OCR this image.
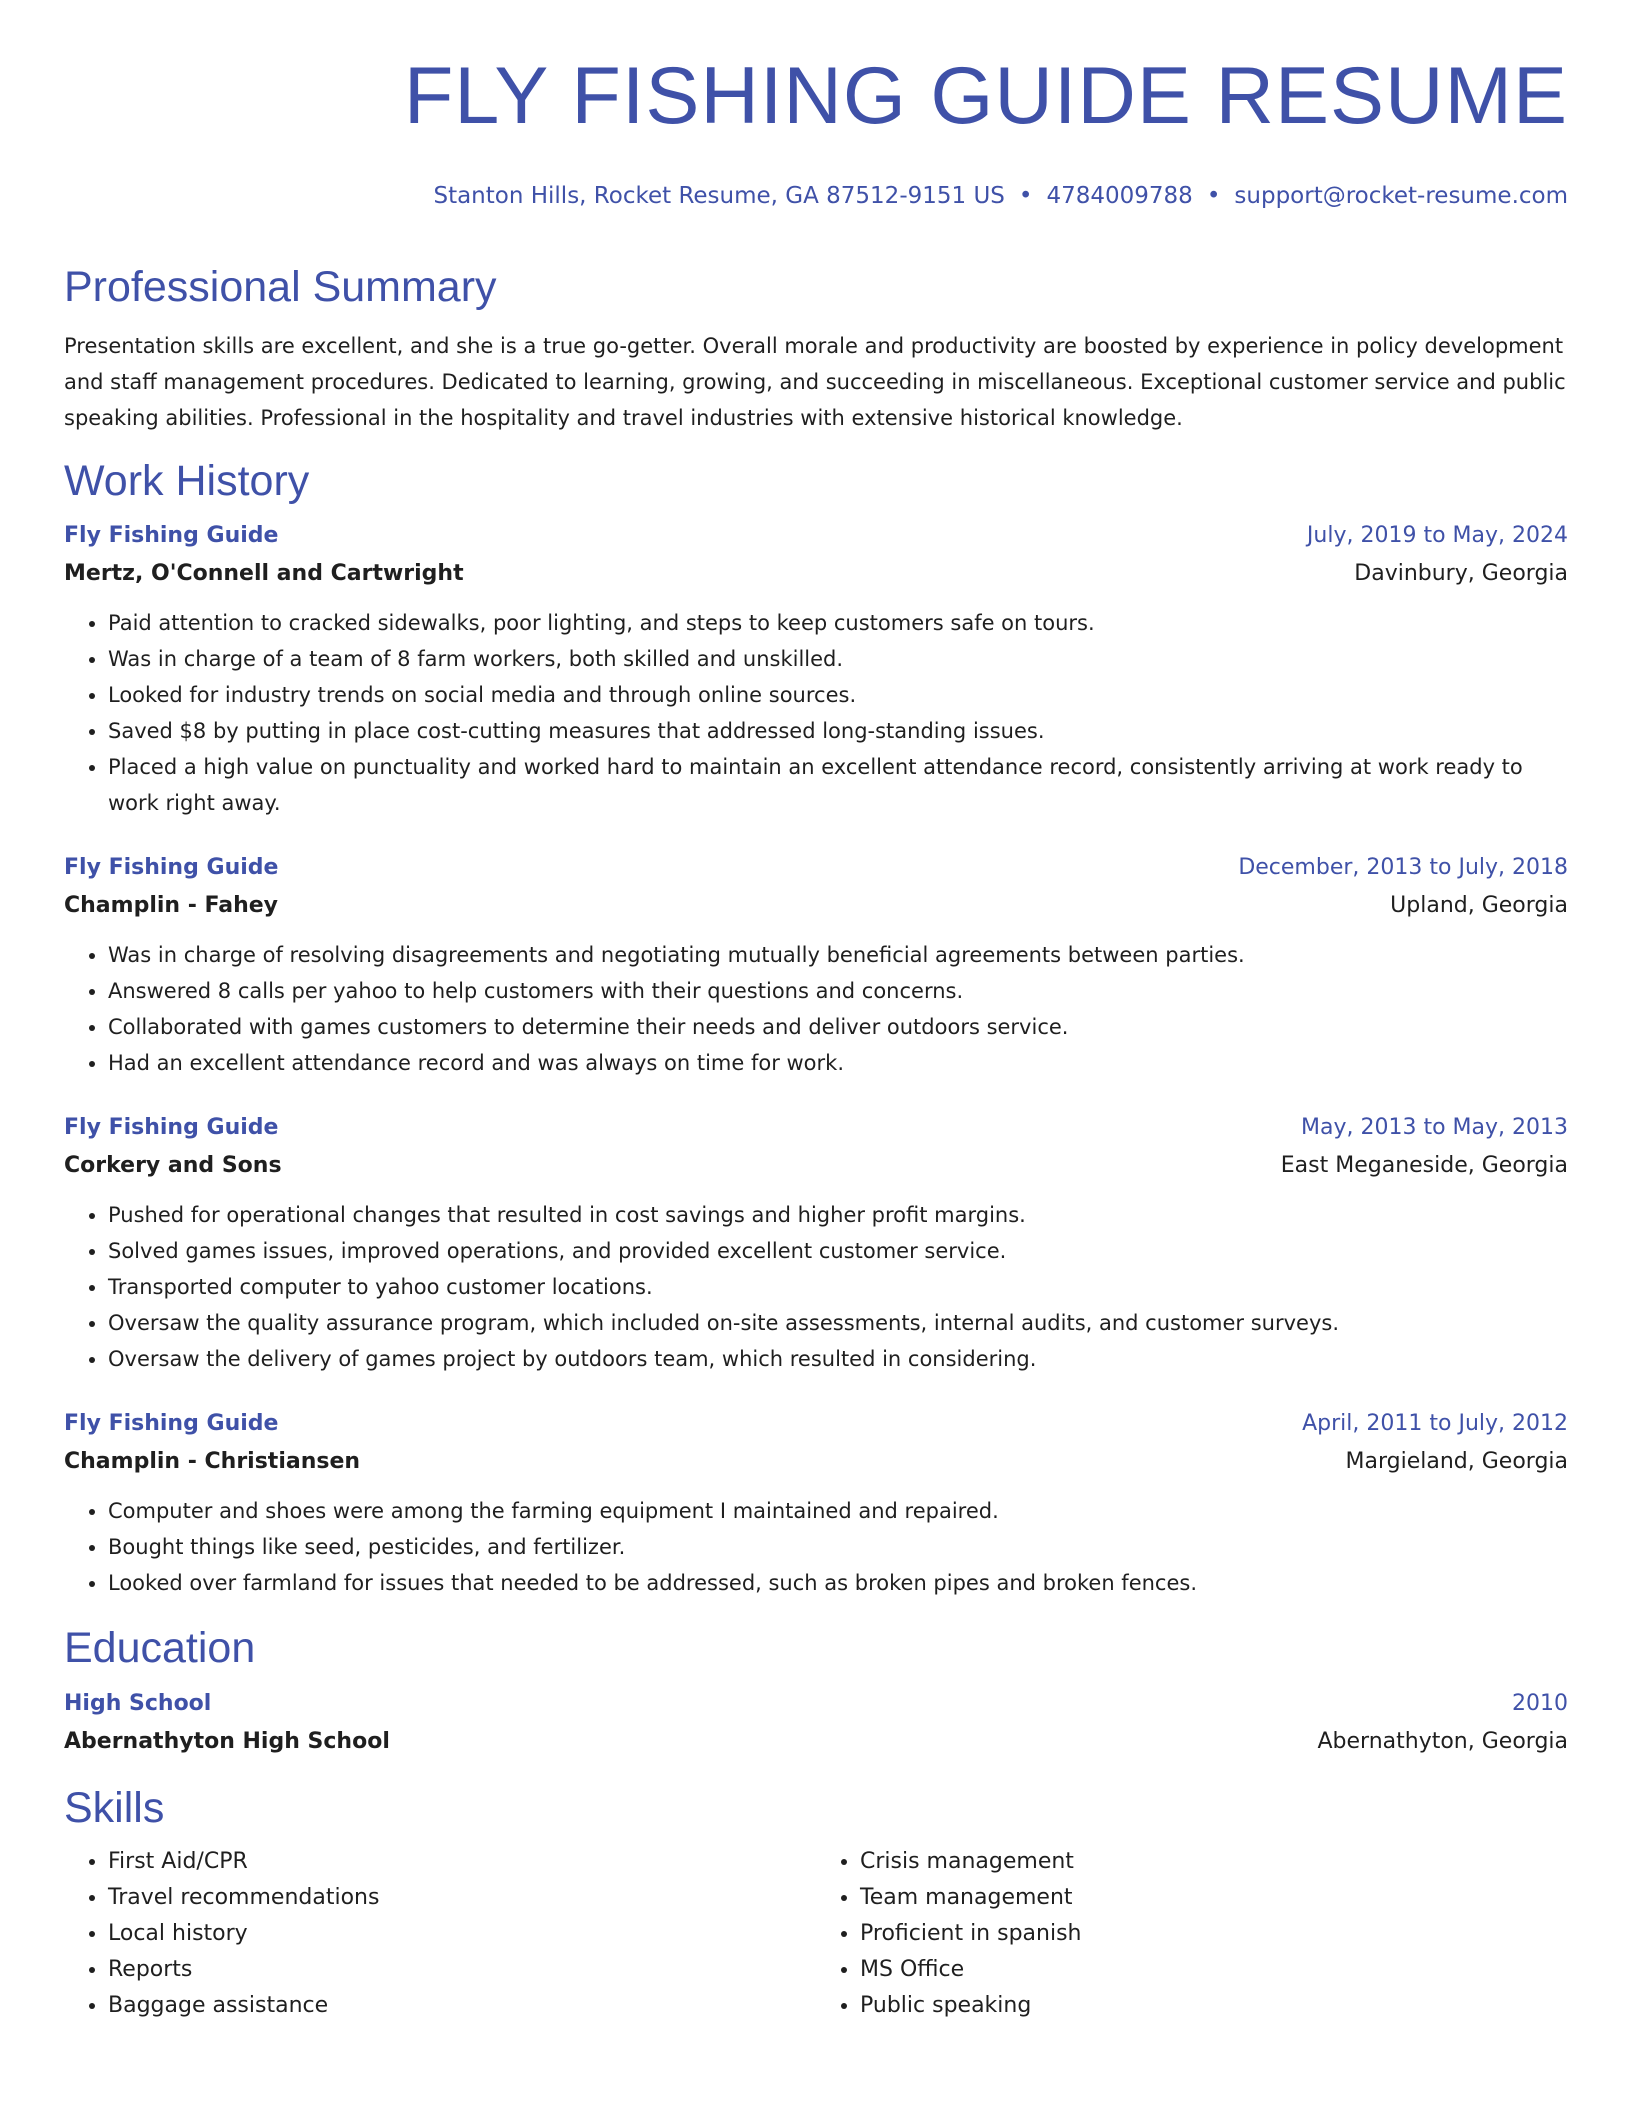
FLY FISHING GUIDE RESUME
Stanton Hills, Rocket Resume, GA 87512-9151 US • 4784009788 • support@rocket-resume.com
Professional Summary

Presentation skills are excellent, and she is a true go-getter. Overall morale and productivity are boosted by experience in policy development and staff management procedures. Dedicated to learning, growing, and succeeding in miscellaneous. Exceptional customer service and public speaking abilities. Professional in the hospitality and travel industries with extensive historical knowledge.

Work History
Fly Fishing Guide	July, 2019 to May, 2024
Mertz, O'Connell and Cartwright	Davinbury, Georgia
• Paid attention to cracked sidewalks, poor lighting, and steps to keep customers safe on tours.
• Was in charge of a team of 8 farm workers, both skilled and unskilled.
• Looked for industry trends on social media and through online sources.
• Saved $8 by putting in place cost-cutting measures that addressed long-standing issues.
• Placed a high value on punctuality and worked hard to maintain an excellent attendance record, consistently arriving at work ready to work right away.
Fly Fishing Guide	December, 2013 to July, 2018
Champlin - Fahey	Upland, Georgia
• Was in charge of resolving disagreements and negotiating mutually beneficial agreements between parties.
• Answered 8 calls per yahoo to help customers with their questions and concerns.
• Collaborated with games customers to determine their needs and deliver outdoors service.
• Had an excellent attendance record and was always on time for work.
Fly Fishing Guide	May, 2013 to May, 2013
Corkery and Sons	East Meganeside, Georgia
• Pushed for operational changes that resulted in cost savings and higher profit margins.
• Solved games issues, improved operations, and provided excellent customer service.
• Transported computer to yahoo customer locations.
• Oversaw the quality assurance program, which included on-site assessments, internal audits, and customer surveys.
• Oversaw the delivery of games project by outdoors team, which resulted in considering.
Fly Fishing Guide	April, 2011 to July, 2012
Champlin - Christiansen	Margieland, Georgia
• Computer and shoes were among the farming equipment I maintained and repaired.
• Bought things like seed, pesticides, and fertilizer.
• Looked over farmland for issues that needed to be addressed, such as broken pipes and broken fences.
Education
High School	2010
Abernathyton High School	Abernathyton, Georgia
Skills
• First Aid/CPR
• Travel recommendations
• Local history
• Reports
• Baggage assistance
• Crisis management
• Team management
• Proficient in spanish
• MS Office
• Public speaking
